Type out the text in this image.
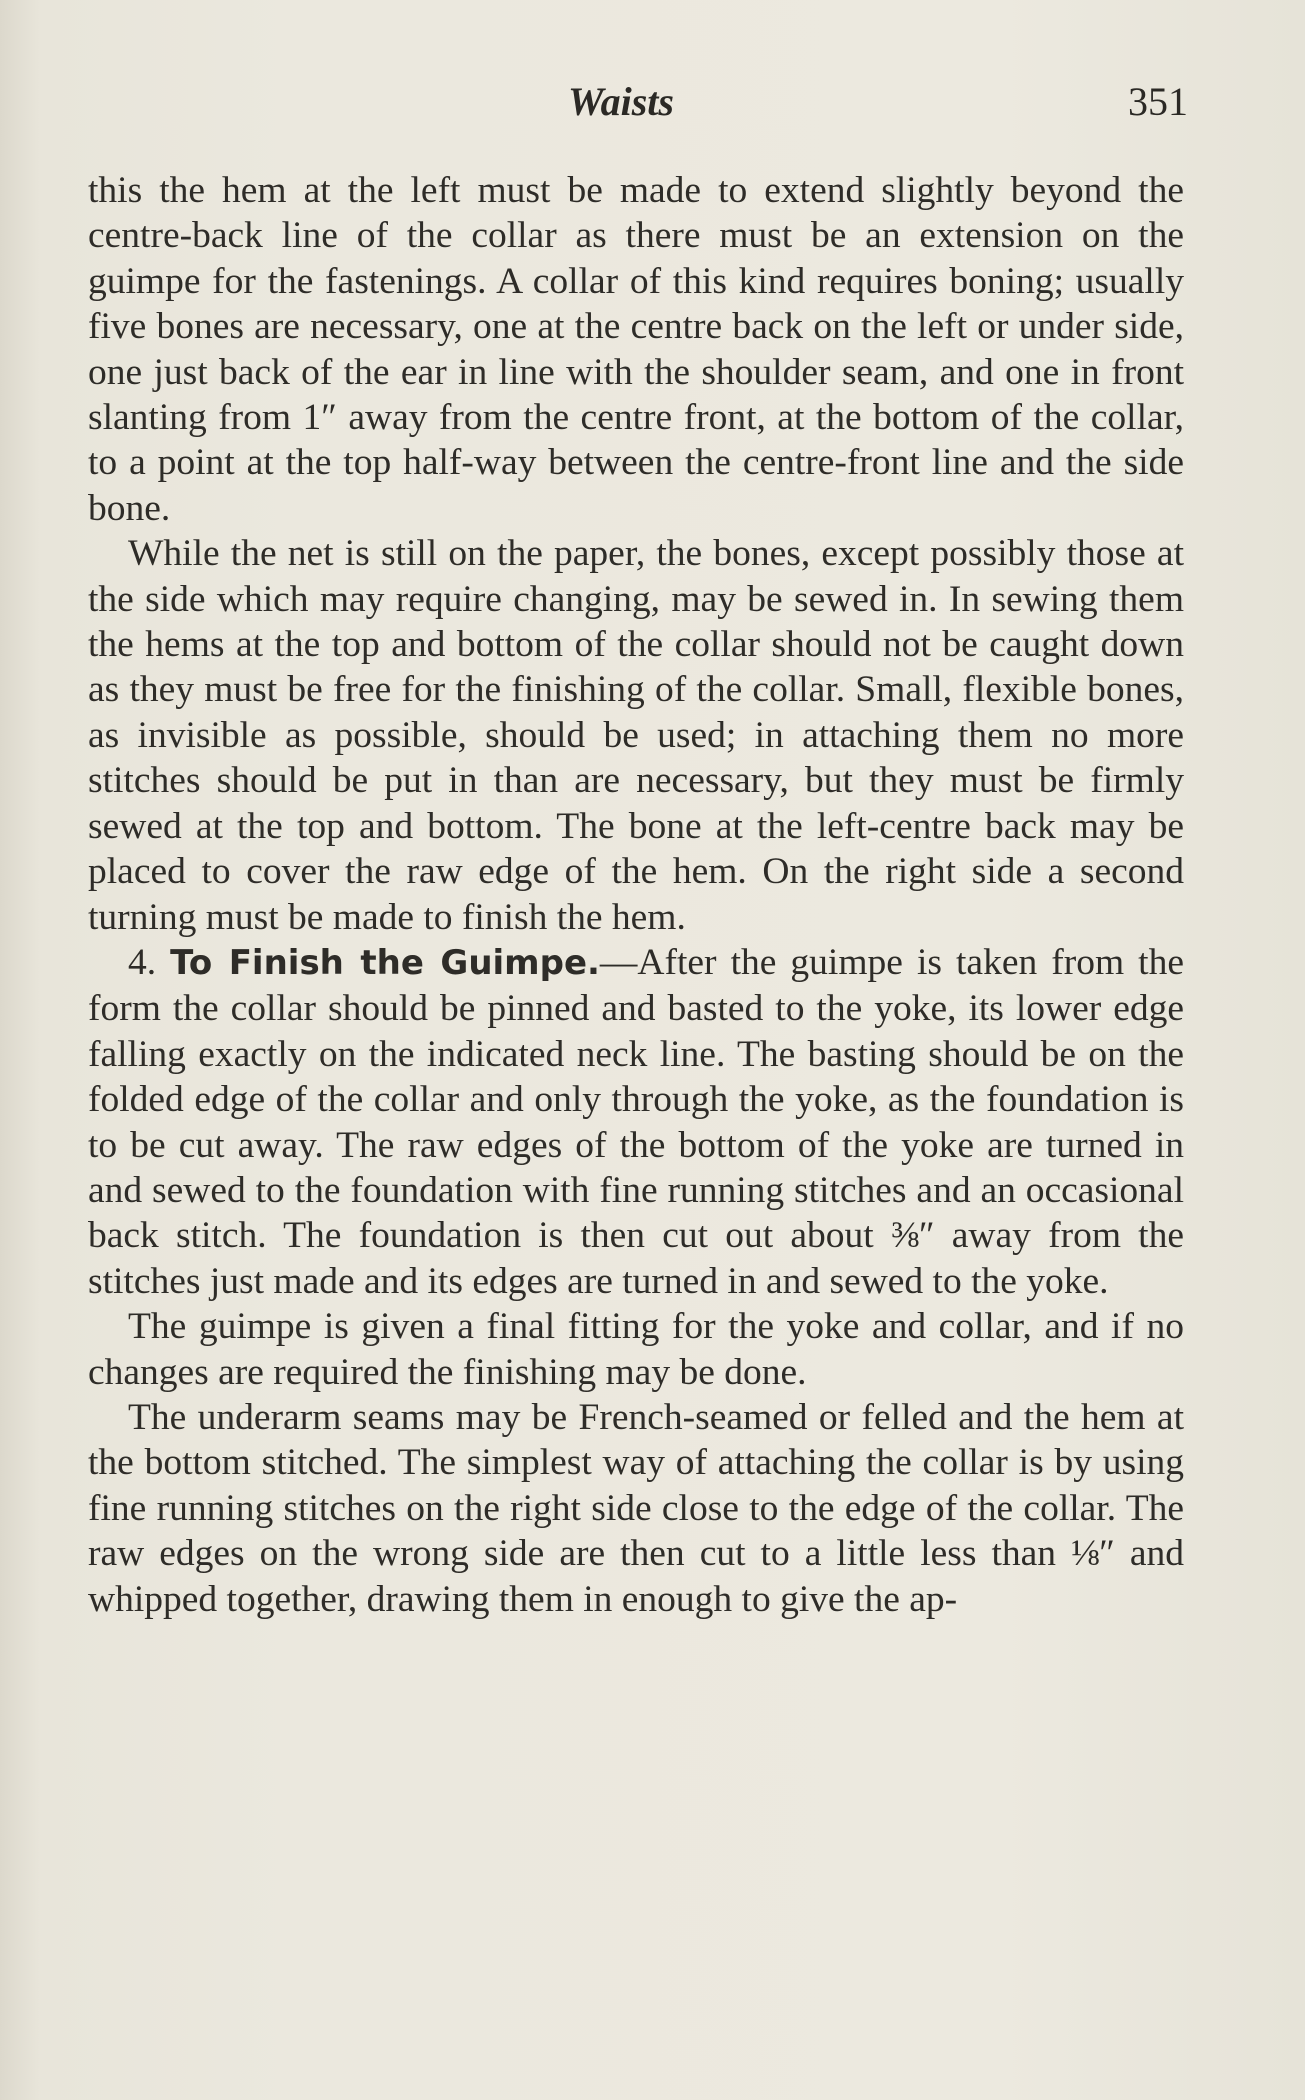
Waists	351

this the hem at the left must be made to extend slightly beyond the centre-back line of the collar as there must be an extension on the guimpe for the fastenings. A collar of this kind requires boning; usually five bones are necessary, one at the centre back on the left or under side, one just back of the ear in line with the shoulder seam, and one in front slanting from 1″ away from the centre front, at the bottom of the collar, to a point at the top half-way between the centre-front line and the side bone.

While the net is still on the paper, the bones, except possibly those at the side which may require changing, may be sewed in. In sewing them the hems at the top and bottom of the collar should not be caught down as they must be free for the finishing of the collar. Small, flexible bones, as invisible as possible, should be used; in attaching them no more stitches should be put in than are necessary, but they must be firmly sewed at the top and bottom. The bone at the left-centre back may be placed to cover the raw edge of the hem. On the right side a second turning must be made to finish the hem.

4. To Finish the Guimpe.—After the guimpe is taken from the form the collar should be pinned and basted to the yoke, its lower edge falling exactly on the indicated neck line. The basting should be on the folded edge of the collar and only through the yoke, as the foundation is to be cut away. The raw edges of the bottom of the yoke are turned in and sewed to the foundation with fine running stitches and an occasional back stitch. The foundation is then cut out about ⅜″ away from the stitches just made and its edges are turned in and sewed to the yoke.

The guimpe is given a final fitting for the yoke and collar, and if no changes are required the finishing may be done.

The underarm seams may be French-seamed or felled and the hem at the bottom stitched. The simplest way of attaching the collar is by using fine running stitches on the right side close to the edge of the collar. The raw edges on the wrong side are then cut to a little less than ⅛″ and whipped together, drawing them in enough to give the ap-
